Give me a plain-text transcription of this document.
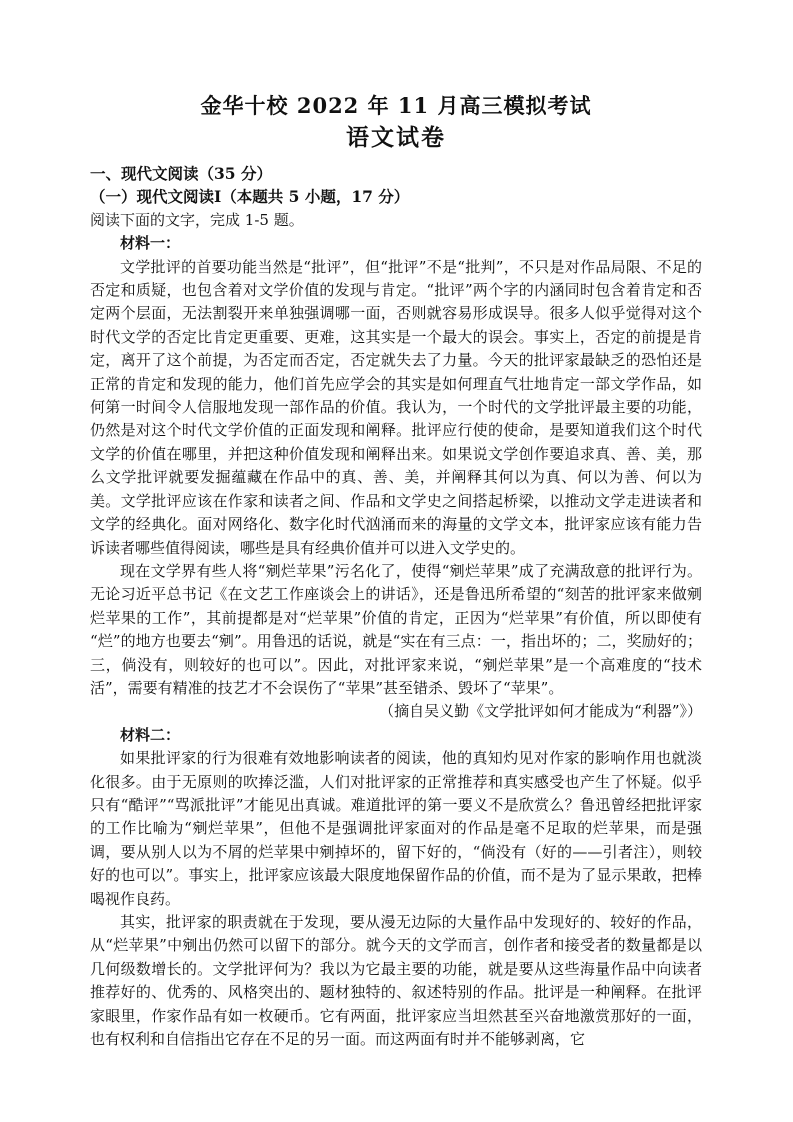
金华十校 2022 年 11 月高三模拟考试
语文试卷

一、现代文阅读（35 分）

（一）现代文阅读Ⅰ（本题共 5 小题，17 分）

阅读下面的文字，完成 1-5 题。

材料一：

文学批评的首要功能当然是“批评”，但“批评”不是“批判”，不只是对作品局限、不足的否定和质疑，也包含着对文学价值的发现与肯定。“批评”两个字的内涵同时包含着肯定和否定两个层面，无法割裂开来单独强调哪一面，否则就容易形成误导。很多人似乎觉得对这个时代文学的否定比肯定更重要、更难，这其实是一个最大的误会。事实上，否定的前提是肯定，离开了这个前提，为否定而否定，否定就失去了力量。今天的批评家最缺乏的恐怕还是正常的肯定和发现的能力，他们首先应学会的其实是如何理直气壮地肯定一部文学作品，如何第一时间令人信服地发现一部作品的价值。我认为，一个时代的文学批评最主要的功能，仍然是对这个时代文学价值的正面发现和阐释。批评应行使的使命，是要知道我们这个时代文学的价值在哪里，并把这种价值发现和阐释出来。如果说文学创作要追求真、善、美，那么文学批评就要发掘蕴藏在作品中的真、善、美，并阐释其何以为真、何以为善、何以为美。文学批评应该在作家和读者之间、作品和文学史之间搭起桥梁，以推动文学走进读者和文学的经典化。面对网络化、数字化时代汹涌而来的海量的文学文本，批评家应该有能力告诉读者哪些值得阅读，哪些是具有经典价值并可以进入文学史的。

现在文学界有些人将“剜烂苹果”污名化了，使得“剜烂苹果”成了充满敌意的批评行为。无论习近平总书记《在文艺工作座谈会上的讲话》，还是鲁迅所希望的“刻苦的批评家来做剜烂苹果的工作”，其前提都是对“烂苹果”价值的肯定，正因为“烂苹果”有价值，所以即使有“烂”的地方也要去“剜”。用鲁迅的话说，就是“实在有三点：一，指出坏的；二，奖励好的；三，倘没有，则较好的也可以”。因此，对批评家来说，“剜烂苹果”是一个高难度的“技术活”，需要有精准的技艺才不会误伤了“苹果”甚至错杀、毁坏了“苹果”。

（摘自吴义勤《文学批评如何才能成为“利器”》）

材料二：

如果批评家的行为很难有效地影响读者的阅读，他的真知灼见对作家的影响作用也就淡化很多。由于无原则的吹捧泛滥，人们对批评家的正常推荐和真实感受也产生了怀疑。似乎只有“酷评”“骂派批评”才能见出真诚。难道批评的第一要义不是欣赏么？鲁迅曾经把批评家的工作比喻为“剜烂苹果”，但他不是强调批评家面对的作品是毫不足取的烂苹果，而是强调，要从别人以为不屑的烂苹果中剜掉坏的，留下好的，“倘没有（好的——引者注），则较好的也可以”。事实上，批评家应该最大限度地保留作品的价值，而不是为了显示果敢，把棒喝视作良药。

其实，批评家的职责就在于发现，要从漫无边际的大量作品中发现好的、较好的作品，从“烂苹果”中剜出仍然可以留下的部分。就今天的文学而言，创作者和接受者的数量都是以几何级数增长的。文学批评何为？我以为它最主要的功能，就是要从这些海量作品中向读者推荐好的、优秀的、风格突出的、题材独特的、叙述特别的作品。批评是一种阐释。在批评家眼里，作家作品有如一枚硬币。它有两面，批评家应当坦然甚至兴奋地激赏那好的一面，也有权利和自信指出它存在不足的另一面。而这两面有时并不能够剥离，它
